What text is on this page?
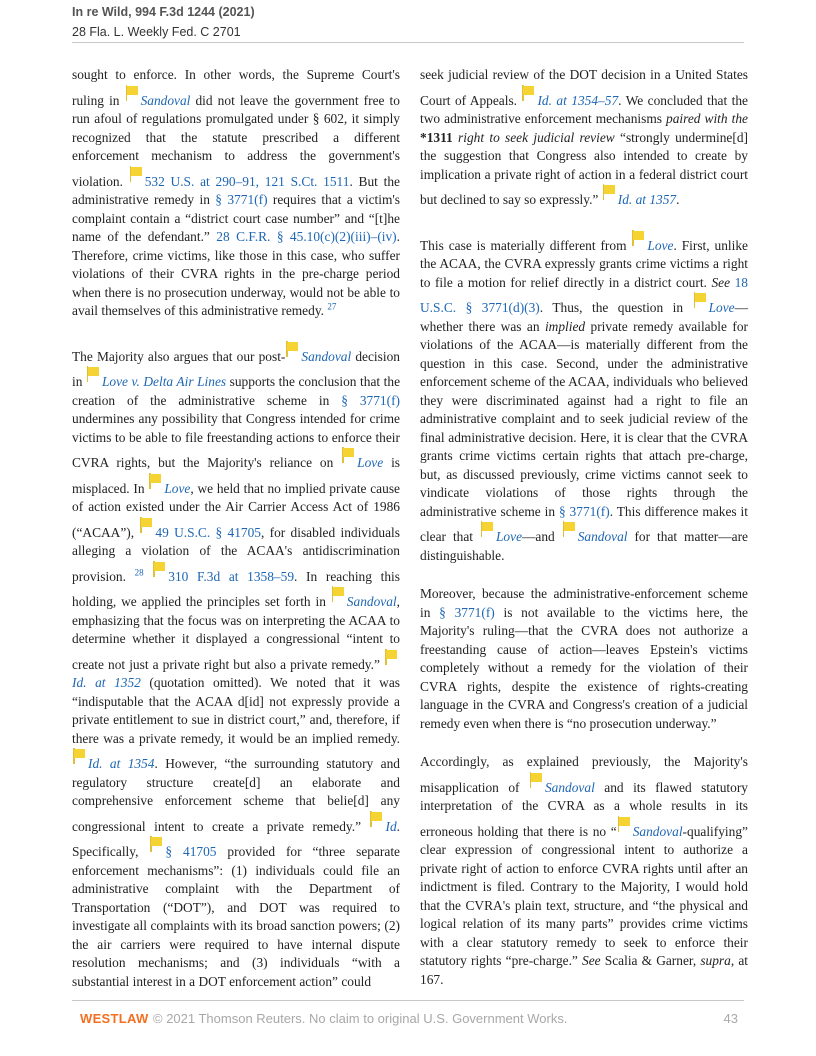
In re Wild, 994 F.3d 1244 (2021)
28 Fla. L. Weekly Fed. C 2701

sought to enforce. In other words, the Supreme Court's ruling in Sandoval did not leave the government free to run afoul of regulations promulgated under § 602, it simply recognized that the statute prescribed a different enforcement mechanism to address the government's violation. 532 U.S. at 290–91, 121 S.Ct. 1511. But the administrative remedy in § 3771(f) requires that a victim's complaint contain a “district court case number” and “[t]he name of the defendant.” 28 C.F.R. § 45.10(c)(2)(iii)–(iv). Therefore, crime victims, like those in this case, who suffer violations of their CVRA rights in the pre-charge period when there is no prosecution underway, would not be able to avail themselves of this administrative remedy. $^{27}$

The Majority also argues that our post- Sandoval decision in Love v. Delta Air Lines supports the conclusion that the creation of the administrative scheme in § 3771(f) undermines any possibility that Congress intended for crime victims to be able to file freestanding actions to enforce their CVRA rights, but the Majority's reliance on Love is misplaced. In Love, we held that no implied private cause of action existed under the Air Carrier Access Act of 1986 (“ACAA”), 49 U.S.C. § 41705, for disabled individuals alleging a violation of the ACAA's antidiscrimination provision. $^{28}$ 310 F.3d at 1358–59. In reaching this holding, we applied the principles set forth in Sandoval, emphasizing that the focus was on interpreting the ACAA to determine whether it displayed a congressional “intent to create not just a private right but also a private remedy.” Id. at 1352 (quotation omitted). We noted that it was “indisputable that the ACAA d[id] not expressly provide a private entitlement to sue in district court,” and, therefore, if there was a private remedy, it would be an implied remedy. Id. at 1354. However, “the surrounding statutory and regulatory structure create[d] an elaborate and comprehensive enforcement scheme that belie[d] any congressional intent to create a private remedy.” Id. Specifically, § 41705 provided for “three separate enforcement mechanisms”: (1) individuals could file an administrative complaint with the Department of Transportation (“DOT”), and DOT was required to investigate all complaints with its broad sanction powers; (2) the air carriers were required to have internal dispute resolution mechanisms; and (3) individuals “with a substantial interest in a DOT enforcement action” could

seek judicial review of the DOT decision in a United States Court of Appeals. Id. at 1354–57. We concluded that the two administrative enforcement mechanisms paired with the *1311 right to seek judicial review “strongly undermine[d] the suggestion that Congress also intended to create by implication a private right of action in a federal district court but declined to say so expressly.” Id. at 1357.

This case is materially different from Love. First, unlike the ACAA, the CVRA expressly grants crime victims a right to file a motion for relief directly in a district court. See 18 U.S.C. § 3771(d)(3). Thus, the question in Love—whether there was an implied private remedy available for violations of the ACAA—is materially different from the question in this case. Second, under the administrative enforcement scheme of the ACAA, individuals who believed they were discriminated against had a right to file an administrative complaint and to seek judicial review of the final administrative decision. Here, it is clear that the CVRA grants crime victims certain rights that attach pre-charge, but, as discussed previously, crime victims cannot seek to vindicate violations of those rights through the administrative scheme in § 3771(f). This difference makes it clear that Love—and Sandoval for that matter—are distinguishable.

Moreover, because the administrative-enforcement scheme in § 3771(f) is not available to the victims here, the Majority's ruling—that the CVRA does not authorize a freestanding cause of action—leaves Epstein's victims completely without a remedy for the violation of their CVRA rights, despite the existence of rights-creating language in the CVRA and Congress's creation of a judicial remedy even when there is “no prosecution underway.”

Accordingly, as explained previously, the Majority's misapplication of Sandoval and its flawed statutory interpretation of the CVRA as a whole results in its erroneous holding that there is no “ Sandoval-qualifying” clear expression of congressional intent to authorize a private right of action to enforce CVRA rights until after an indictment is filed. Contrary to the Majority, I would hold that the CVRA's plain text, structure, and “the physical and logical relation of its many parts” provides crime victims with a clear statutory remedy to seek to enforce their statutory rights “pre-charge.” See Scalia & Garner, supra, at 167.

WESTLAW © 2021 Thomson Reuters. No claim to original U.S. Government Works.	43
